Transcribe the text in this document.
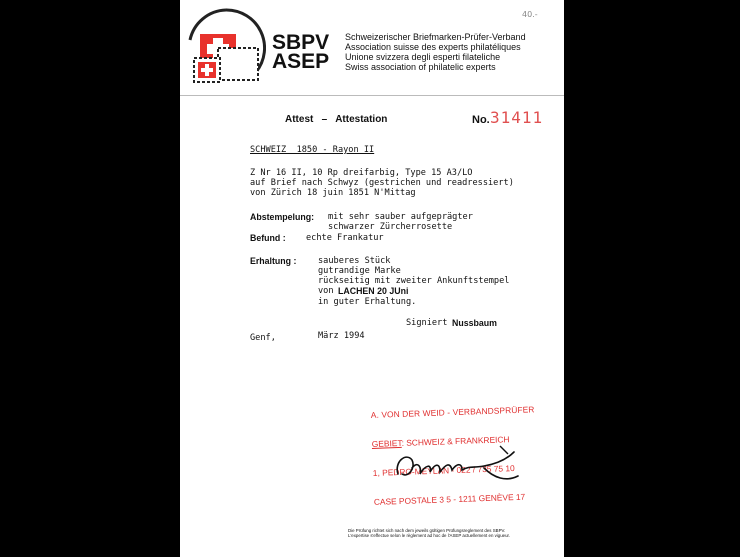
40.-
SBPV
ASEP
Schweizerischer Briefmarken-Prüfer-Verband
Association suisse des experts philatéliques
Unione svizzera degli esperti filateliche
Swiss association of philatelic experts
Attest   –   Attestation	No. 31411
SCHWEIZ  1850 - Rayon II
Z Nr 16 II, 10 Rp dreifarbig, Type 15 A3/LO
auf Brief nach Schwyz (gestrichen und readressiert)
von Zürich 18 juin 1851 N'Mittag
Abstempelung: mit sehr sauber aufgeprägter
schwarzer Zürcherrosette
Befund : echte Frankatur
Erhaltung :	sauberes Stück
gutrandige Marke
rückseitig mit zweiter Ankunftstempel
von LACHEN 20 JUni
in guter Erhaltung.
Signiert Nussbaum
Genf,	März 1994

A. VON DER WEID - VERBANDSPRÜFER

GEBIET: SCHWEIZ & FRANKREICH

1, PEDRO-MEYLAN - 022 / 735 75 10

CASE POSTALE 3 5 - 1211 GENÈVE 17

Die Prüfung richtet sich nach dem jeweils gültigen Prüfungsreglement des SBPV.
L'expertise s'effectue selon le règlement ad hoc de l'ASEP actuellement en vigueur.
